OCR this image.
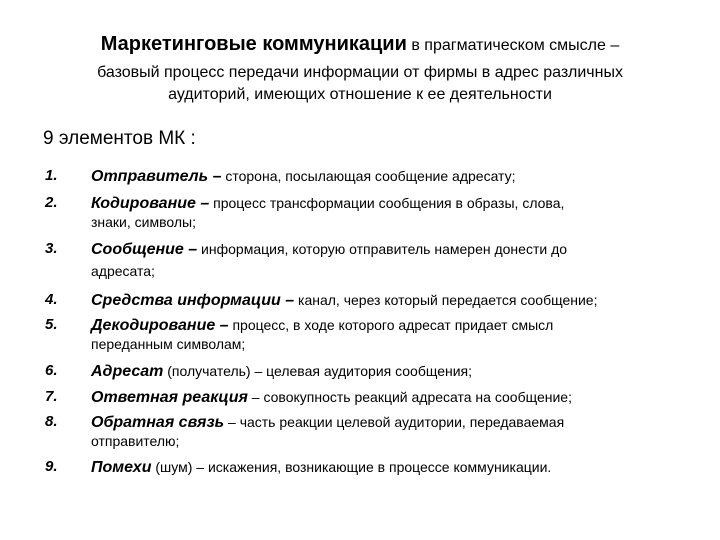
Маркетинговые коммуникации в прагматическом смысле –
базовый процесс передачи информации от фирмы в адрес различных
аудиторий, имеющих отношение к ее деятельности
9 элементов МК :
1. Отправитель – сторона, посылающая сообщение адресату;
2. Кодирование – процесс трансформации сообщения в образы, слова,
знаки, символы;
3. Сообщение – информация, которую отправитель намерен донести до
адресата;
4. Средства информации – канал, через который передается сообщение;
5. Декодирование – процесс, в ходе которого адресат придает смысл
переданным символам;
6. Адресат (получатель) – целевая аудитория сообщения;
7. Ответная реакция – совокупность реакций адресата на сообщение;
8. Обратная связь – часть реакции целевой аудитории, передаваемая
отправителю;
9. Помехи (шум) – искажения, возникающие в процессе коммуникации.
